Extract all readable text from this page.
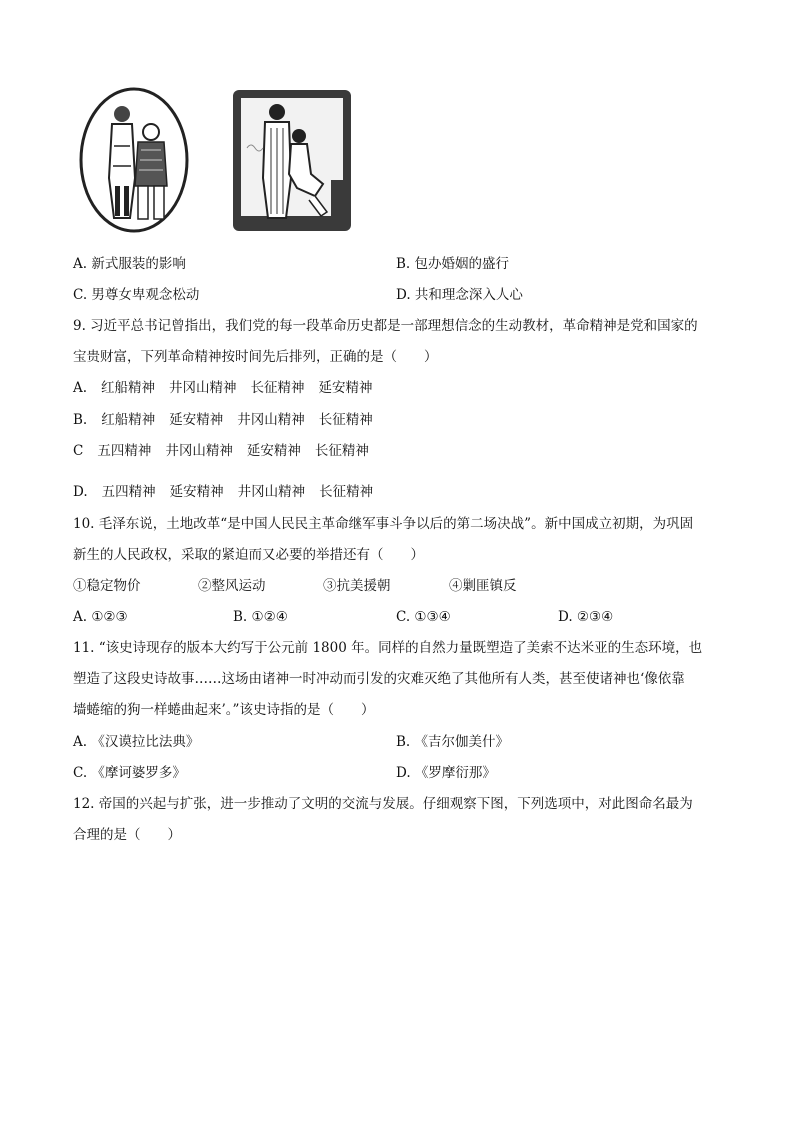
A. 新式服装的影响	B. 包办婚姻的盛行
C. 男尊女卑观念松动	D. 共和理念深入人心
9. 习近平总书记曾指出，我们党的每一段革命历史都是一部理想信念的生动教材，革命精神是党和国家的
宝贵财富，下列革命精神按时间先后排列，正确的是（　　）
A. 红船精神 井冈山精神 长征精神 延安精神
B. 红船精神 延安精神 井冈山精神 长征精神
C 五四精神 井冈山精神 延安精神 长征精神
D. 五四精神 延安精神 井冈山精神 长征精神
10. 毛泽东说，土地改革“是中国人民民主革命继军事斗争以后的第二场决战”。新中国成立初期，为巩固
新生的人民政权，采取的紧迫而又必要的举措还有（　　）
①稳定物价	②整风运动	③抗美援朝	④剿匪镇反
A. ①②③	B. ①②④	C. ①③④	D. ②③④
11. “该史诗现存的版本大约写于公元前 1800 年。同样的自然力量既塑造了美索不达米亚的生态环境，也
塑造了这段史诗故事……这场由诸神一时冲动而引发的灾难灭绝了其他所有人类，甚至使诸神也‘像依靠
墙蜷缩的狗一样蜷曲起来’。”该史诗指的是（　　）
A. 《汉谟拉比法典》	B. 《吉尔伽美什》
C. 《摩诃婆罗多》	D. 《罗摩衍那》
12. 帝国的兴起与扩张，进一步推动了文明的交流与发展。仔细观察下图，下列选项中，对此图命名最为
合理的是（　　）
